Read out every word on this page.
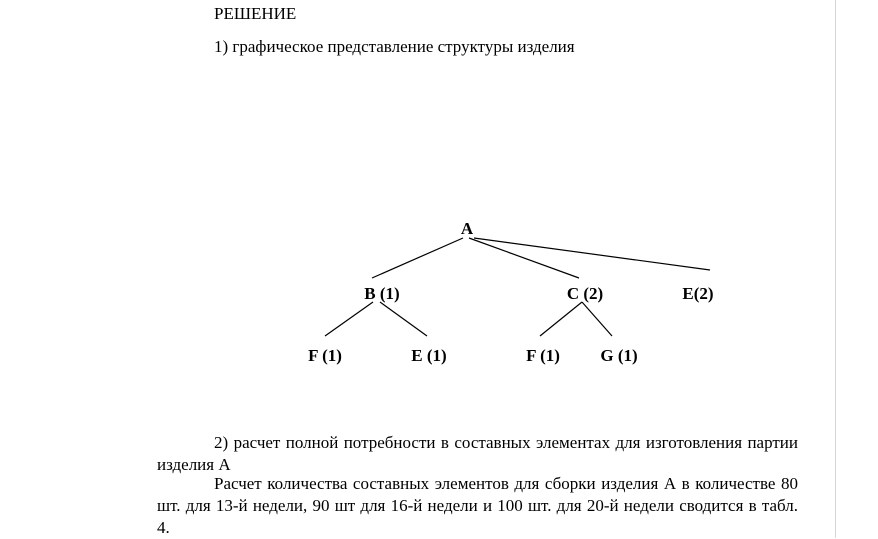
РЕШЕНИЕ
1) графическое представление структуры изделия
A
B (1)	C (2)	E(2)
F (1)	E (1)	F (1) G (1)
2) расчет полной потребности в составных элементах для изготовления партии изделия А
Расчет количества составных элементов для сборки изделия А в количестве 80 шт. для 13-й недели, 90 шт для 16-й недели и 100 шт. для 20-й недели сводится в табл. 4.
